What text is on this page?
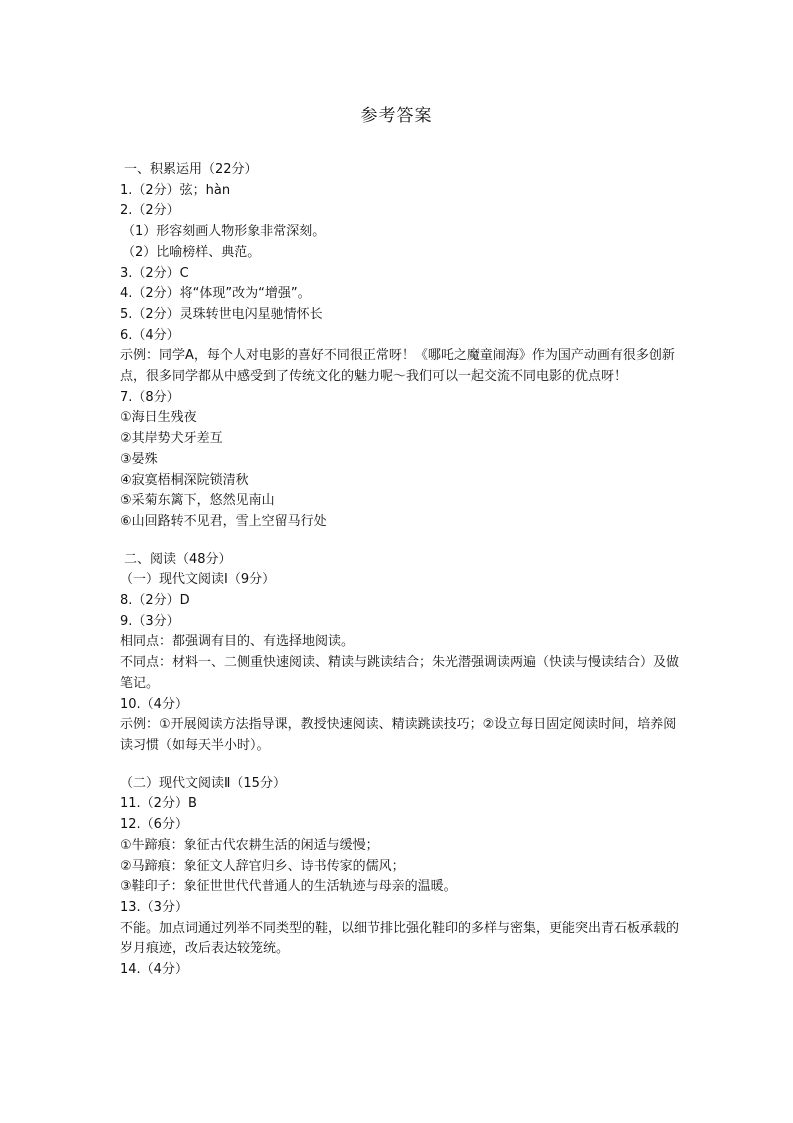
参考答案
一、积累运用（22分）
1.（2分）弦；hàn
2.（2分）
（1）形容刻画人物形象非常深刻。
（2）比喻榜样、典范。
3.（2分）C
4.（2分）将“体现”改为“增强”。
5.（2分）灵珠转世电闪星驰情怀长
6.（4分）
示例：同学A，每个人对电影的喜好不同很正常呀！《哪吒之魔童闹海》作为国产动画有很多创新点，很多同学都从中感受到了传统文化的魅力呢～我们可以一起交流不同电影的优点呀！
7.（8分）
①海日生残夜
②其岸势犬牙差互
③晏殊
④寂寞梧桐深院锁清秋
⑤采菊东篱下，悠然见南山
⑥山回路转不见君，雪上空留马行处
二、阅读（48分）
（一）现代文阅读Ⅰ（9分）
8.（2分）D
9.（3分）
相同点：都强调有目的、有选择地阅读。
不同点：材料一、二侧重快速阅读、精读与跳读结合；朱光潜强调读两遍（快读与慢读结合）及做笔记。
10.（4分）
示例：①开展阅读方法指导课，教授快速阅读、精读跳读技巧；②设立每日固定阅读时间，培养阅读习惯（如每天半小时）。
（二）现代文阅读Ⅱ（15分）
11.（2分）B
12.（6分）
①牛蹄痕：象征古代农耕生活的闲适与缓慢；
②马蹄痕：象征文人辞官归乡、诗书传家的儒风；
③鞋印子：象征世世代代普通人的生活轨迹与母亲的温暖。
13.（3分）
不能。加点词通过列举不同类型的鞋，以细节排比强化鞋印的多样与密集，更能突出青石板承载的岁月痕迹，改后表达较笼统。
14.（4分）
